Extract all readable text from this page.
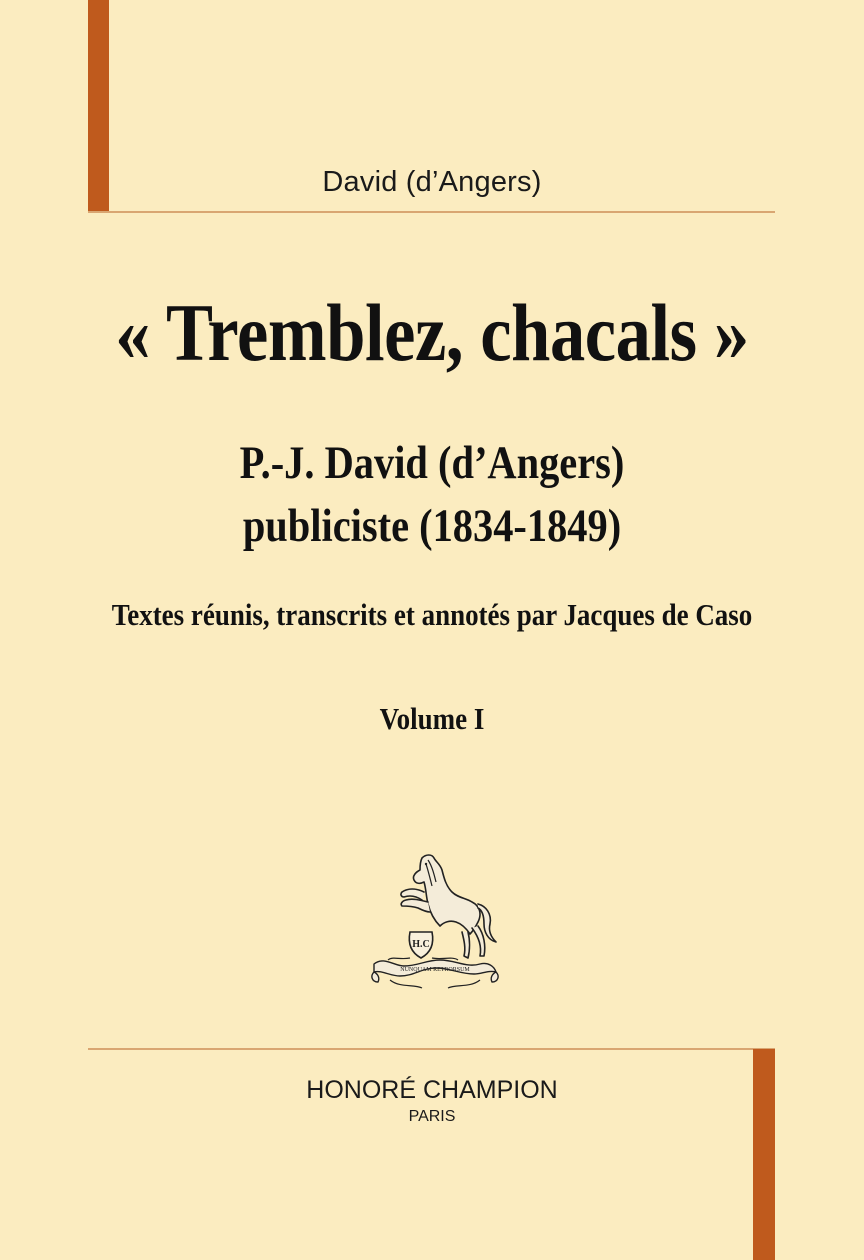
David (d’Angers)
« Tremblez, chacals »
P.-J. David (d’Angers)
publiciste (1834-1849)
Textes réunis, transcrits et annotés par Jacques de Caso
Volume I
H.C
NUNQUAM RETRORSUM
HONORÉ CHAMPION
PARIS
